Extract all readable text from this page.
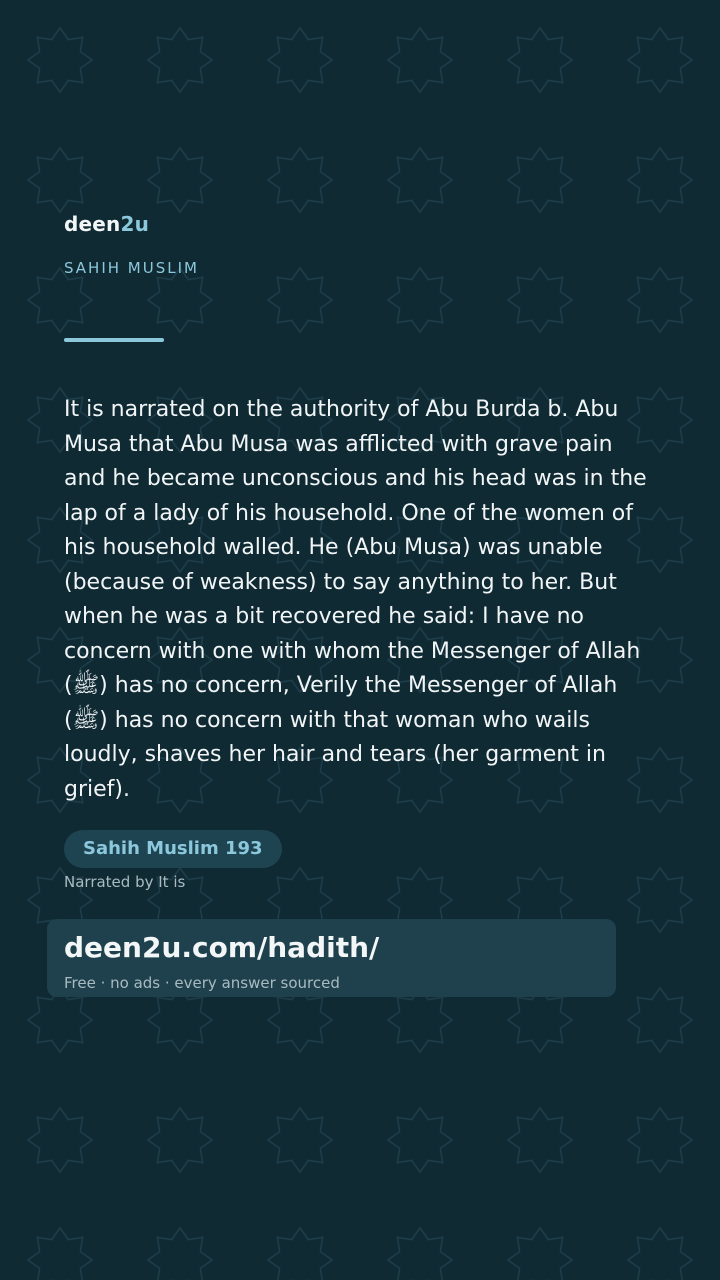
deen2u
SAHIH MUSLIM
It is narrated on the authority of Abu Burda b. Abu Musa that Abu Musa was afflicted with grave pain and he became unconscious and his head was in the lap of a lady of his household. One of the women of his household walled. He (Abu Musa) was unable (because of weakness) to say anything to her. But when he was a bit recovered he said: I have no concern with one with whom the Messenger of Allah (ﷺ) has no concern, Verily the Messenger of Allah (ﷺ) has no concern with that woman who wails loudly, shaves her hair and tears (her garment in grief).
Sahih Muslim 193
Narrated by It is
deen2u.com/hadith/
Free · no ads · every answer sourced
